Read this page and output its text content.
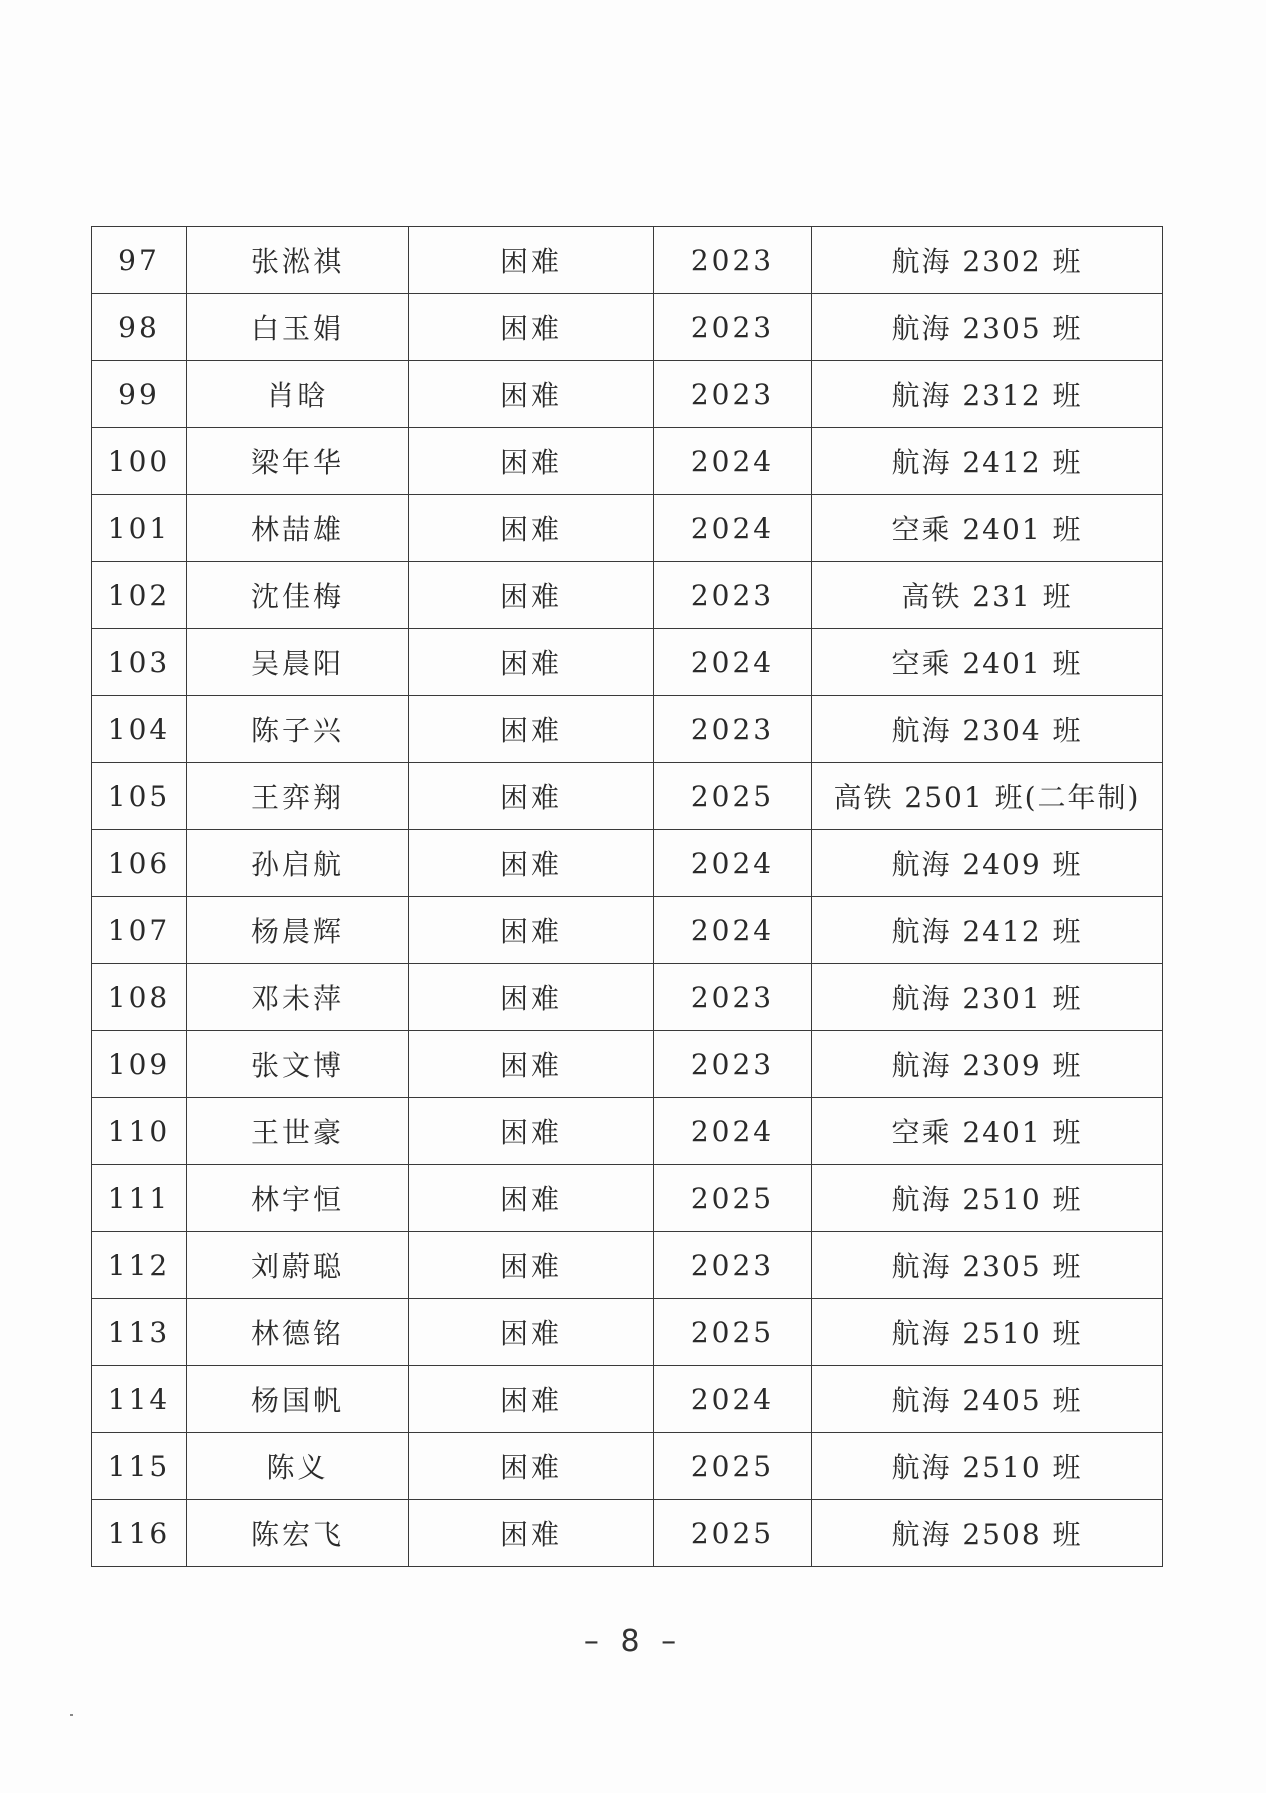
97	张淞祺	困难	2023	航海 2302 班
98	白玉娟	困难	2023	航海 2305 班
99	肖晗	困难	2023	航海 2312 班
100	梁年华	困难	2024	航海 2412 班
101	林喆雄	困难	2024	空乘 2401 班
102	沈佳梅	困难	2023	高铁 231 班
103	吴晨阳	困难	2024	空乘 2401 班
104	陈子兴	困难	2023	航海 2304 班
105	王弈翔	困难	2025	高铁 2501 班(二年制)
106	孙启航	困难	2024	航海 2409 班
107	杨晨辉	困难	2024	航海 2412 班
108	邓未萍	困难	2023	航海 2301 班
109	张文博	困难	2023	航海 2309 班
110	王世豪	困难	2024	空乘 2401 班
111	林宇恒	困难	2025	航海 2510 班
112	刘蔚聪	困难	2023	航海 2305 班
113	林德铭	困难	2025	航海 2510 班
114	杨国帆	困难	2024	航海 2405 班
115	陈义	困难	2025	航海 2510 班
116	陈宏飞	困难	2025	航海 2508 班
– 8 –
